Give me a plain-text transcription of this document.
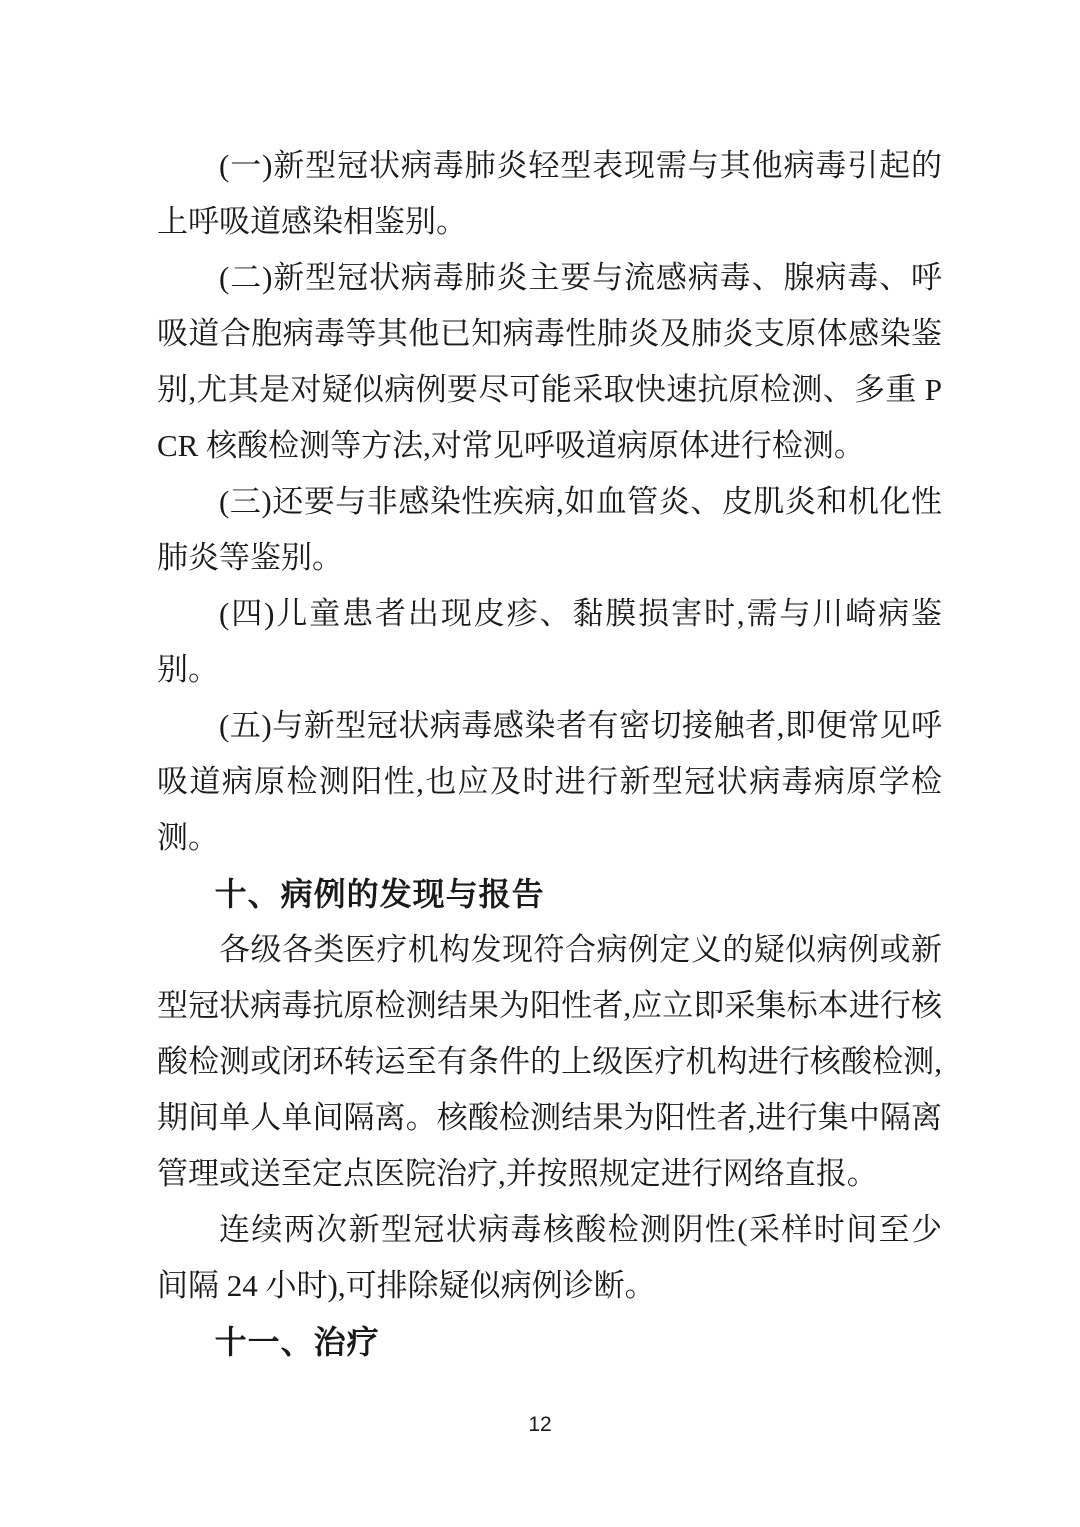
(一)新型冠状病毒肺炎轻型表现需与其他病毒引起的上呼吸道感染相鉴别。

(二)新型冠状病毒肺炎主要与流感病毒、腺病毒、呼吸道合胞病毒等其他已知病毒性肺炎及肺炎支原体感染鉴别,尤其是对疑似病例要尽可能采取快速抗原检测、多重 PCR 核酸检测等方法,对常见呼吸道病原体进行检测。

(三)还要与非感染性疾病,如血管炎、皮肌炎和机化性肺炎等鉴别。

(四)儿童患者出现皮疹、黏膜损害时,需与川崎病鉴别。

(五)与新型冠状病毒感染者有密切接触者,即便常见呼吸道病原检测阳性,也应及时进行新型冠状病毒病原学检测。

十、病例的发现与报告

各级各类医疗机构发现符合病例定义的疑似病例或新型冠状病毒抗原检测结果为阳性者,应立即采集标本进行核酸检测或闭环转运至有条件的上级医疗机构进行核酸检测,期间单人单间隔离。核酸检测结果为阳性者,进行集中隔离管理或送至定点医院治疗,并按照规定进行网络直报。

连续两次新型冠状病毒核酸检测阴性(采样时间至少间隔 24 小时),可排除疑似病例诊断。

十一、治疗

12
